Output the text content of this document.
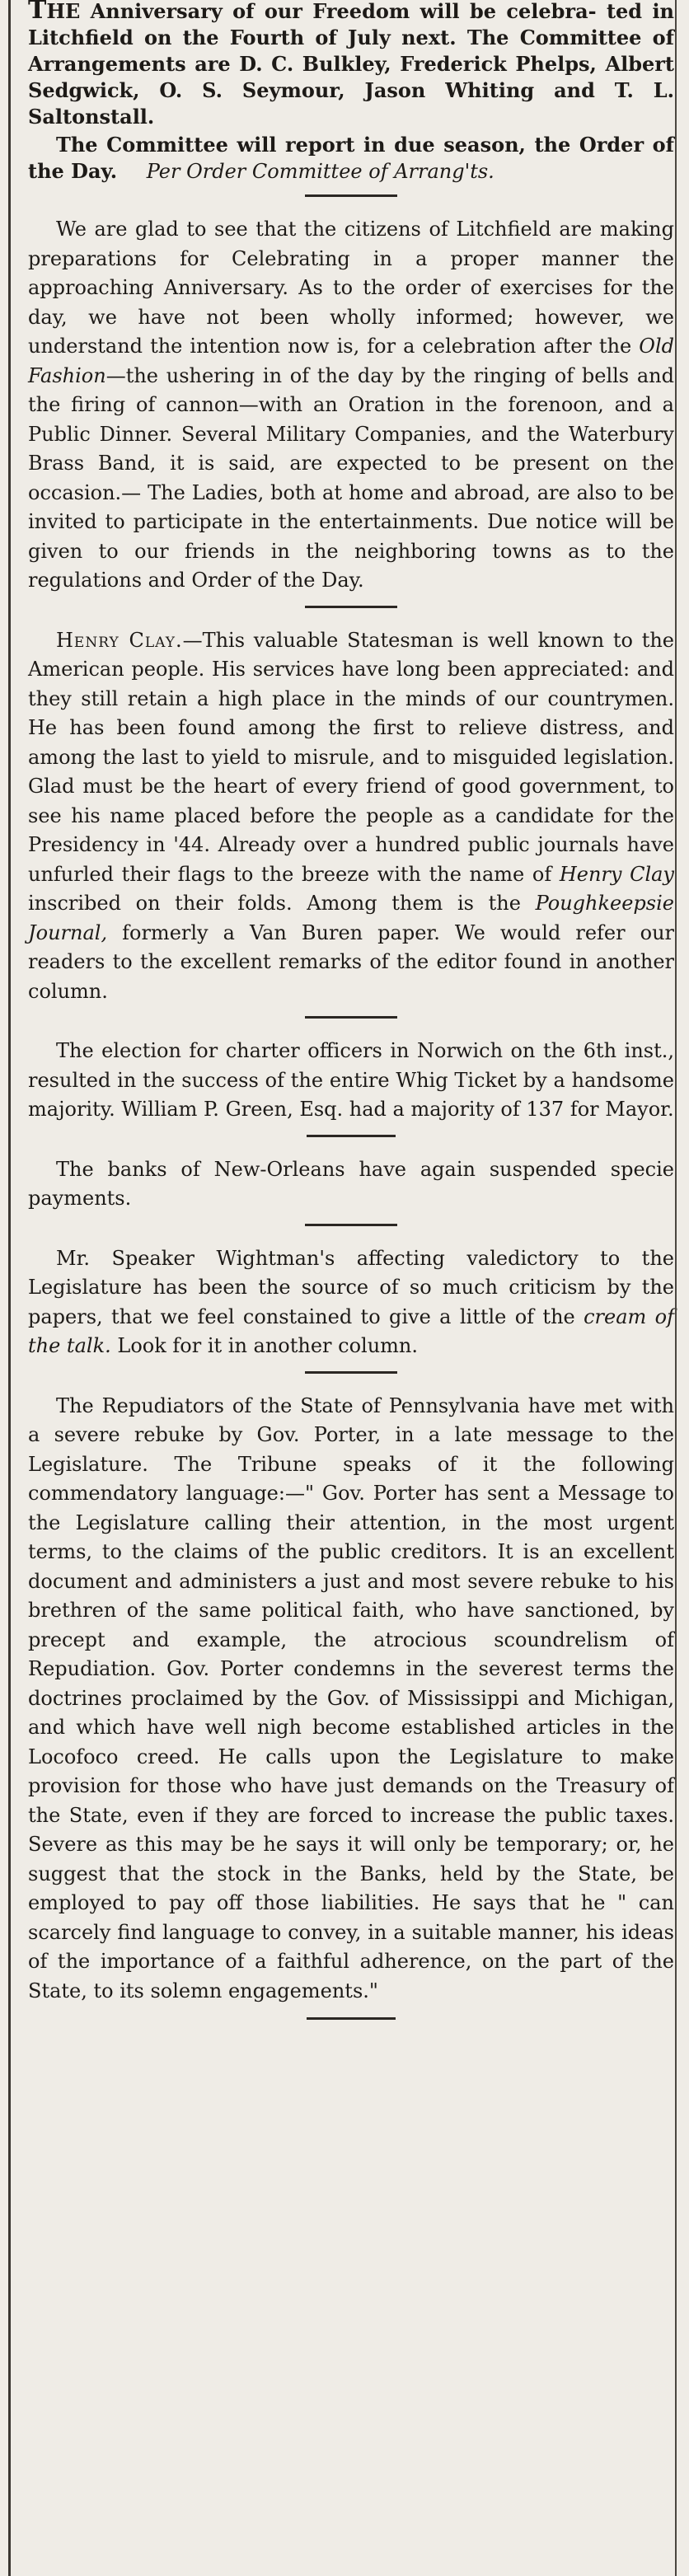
THE Anniversary of our Freedom will be celebra- ted in Litchfield on the Fourth of July next. The Committee of Arrangements are D. C. Bulkley, Frederick Phelps, Albert Sedgwick, O. S. Seymour, Jason Whiting and T. L. Saltonstall.

The Committee will report in due season, the Order of the Day. Per Order Committee of Arrang'ts.

We are glad to see that the citizens of Litchfield are making preparations for Celebrating in a proper manner the approaching Anniversary. As to the order of exercises for the day, we have not been wholly informed; however, we understand the intention now is, for a celebration after the Old Fashion—the ushering in of the day by the ringing of bells and the firing of cannon—with an Oration in the forenoon, and a Public Dinner. Several Military Companies, and the Waterbury Brass Band, it is said, are expected to be present on the occasion.— The Ladies, both at home and abroad, are also to be invited to participate in the entertainments. Due notice will be given to our friends in the neighboring towns as to the regulations and Order of the Day.

Henry Clay.—This valuable Statesman is well known to the American people. His services have long been appreciated: and they still retain a high place in the minds of our countrymen. He has been found among the first to relieve distress, and among the last to yield to misrule, and to misguided legislation. Glad must be the heart of every friend of good government, to see his name placed before the people as a candidate for the Presidency in '44. Already over a hundred public journals have unfurled their flags to the breeze with the name of Henry Clay inscribed on their folds. Among them is the Poughkeepsie Journal, formerly a Van Buren paper. We would refer our readers to the excellent remarks of the editor found in another column.

The election for charter officers in Norwich on the 6th inst., resulted in the success of the entire Whig Ticket by a handsome majority. William P. Green, Esq. had a majority of 137 for Mayor.

The banks of New-Orleans have again suspended specie payments.

Mr. Speaker Wightman's affecting valedictory to the Legislature has been the source of so much criticism by the papers, that we feel constained to give a little of the cream of the talk. Look for it in another column.

The Repudiators of the State of Pennsylvania have met with a severe rebuke by Gov. Porter, in a late message to the Legislature. The Tribune speaks of it the following commendatory language:—" Gov. Porter has sent a Message to the Legislature calling their attention, in the most urgent terms, to the claims of the public creditors. It is an excellent document and administers a just and most severe rebuke to his brethren of the same political faith, who have sanctioned, by precept and example, the atrocious scoundrelism of Repudiation. Gov. Porter condemns in the severest terms the doctrines proclaimed by the Gov. of Mississippi and Michigan, and which have well nigh become established articles in the Locofoco creed. He calls upon the Legislature to make provision for those who have just demands on the Treasury of the State, even if they are forced to increase the public taxes. Severe as this may be he says it will only be temporary; or, he suggest that the stock in the Banks, held by the State, be employed to pay off those liabilities. He says that he " can scarcely find language to convey, in a suitable manner, his ideas of the importance of a faithful adherence, on the part of the State, to its solemn engagements."
